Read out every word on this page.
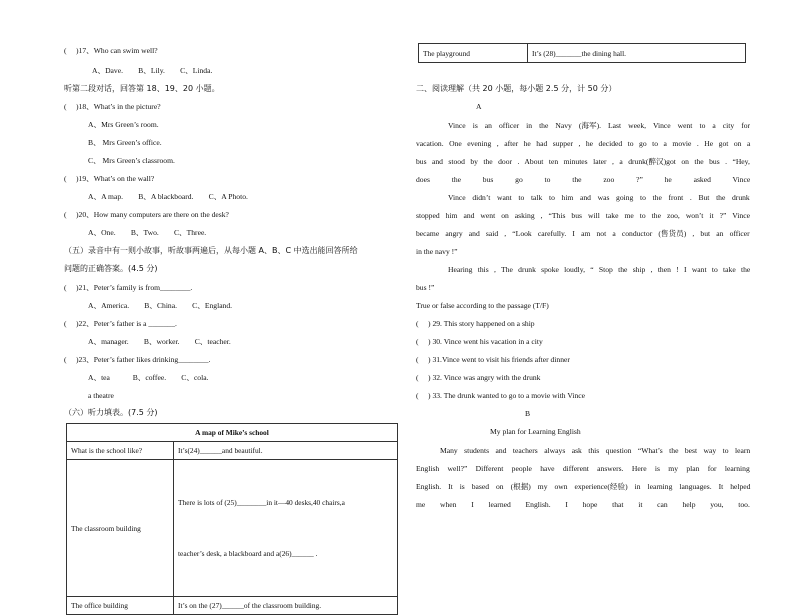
(　 )17、Who can swim well?
A、Dave.　　B、Lily.　　C、Linda.
听第二段对话，回答第 18、19、20 小题。
(　 )18、What’s in the picture?
A、Mrs Green’s room.
B、 Mrs Green’s office.
C、 Mrs Green’s classroom.
(　 )19、What’s on the wall?
A、A map.　　B、A blackboard.　　C、A Photo.
(　 )20、How many computers are there on the desk?
A、One.　　B、Two.　　C、Three.
（五）录音中有一则小故事，听故事两遍后，从每小题 A、B、C 中选出能回答所给
问题的正确答案。(4.5 分)
(　 )21、Peter’s family is from________.
A、America.　　B、China.　　C、England.
(　 )22、Peter’s father is a _______.
A、manager.　　B、worker.　　C、teacher.
(　 )23、Peter’s father likes drinking________.
A、tea　　　B、coffee.　　C、cola.
a theatre
（六）听力填表。(7.5 分)
A map of Mike’s school	
What is the school like?	It’s(24)______and beautiful.
The classroom building	There is lots of (25)________in it—40 desks,40 chairs,a

teacher’s desk, a blackboard and a(26)______ .

The office building	It’s on the (27)______of the classroom building.
The playground	It’s (28)_______the dining hall.
二、阅读理解（共 20 小题，每小题 2.5 分，计 50 分）
A
Vince is an officer in the Navy (海军). Last week, Vince went to a city for
vacation. One evening , after he had supper , he decided to go to a movie . He got on a
bus and stood by the door . About ten minutes later , a drunk(醉汉)got on the bus . “Hey,
does the bus go to the zoo ?” he asked Vince
Vince didn’t want to talk to him and was going to the front . But the drunk
stopped him and went on asking , “This bus will take me to the zoo, won’t it ?” Vince
became angry and said , “Look carefully. I am not a conductor (售货员) , but an officer
in the navy !”
Hearing this , The drunk spoke loudly, “ Stop the ship , then ! I want to take the
bus !”
True or false according to the passage (T/F)
(　 ) 29. This story happened on a ship
(　 ) 30. Vince went his vacation in a city
(　 ) 31.Vince went to visit his friends after dinner
(　 ) 32. Vince was angry with the drunk
(　 ) 33. The drunk wanted to go to a movie with Vince
B
My plan for Learning English
Many students and teachers always ask this question “What’s the best way to learn
English well?” Different people have different answers. Here is my plan for learning
English. It is based on (根据) my own experience(经验) in learning languages. It helped
me when I learned English. I hope that it can help you, too.
